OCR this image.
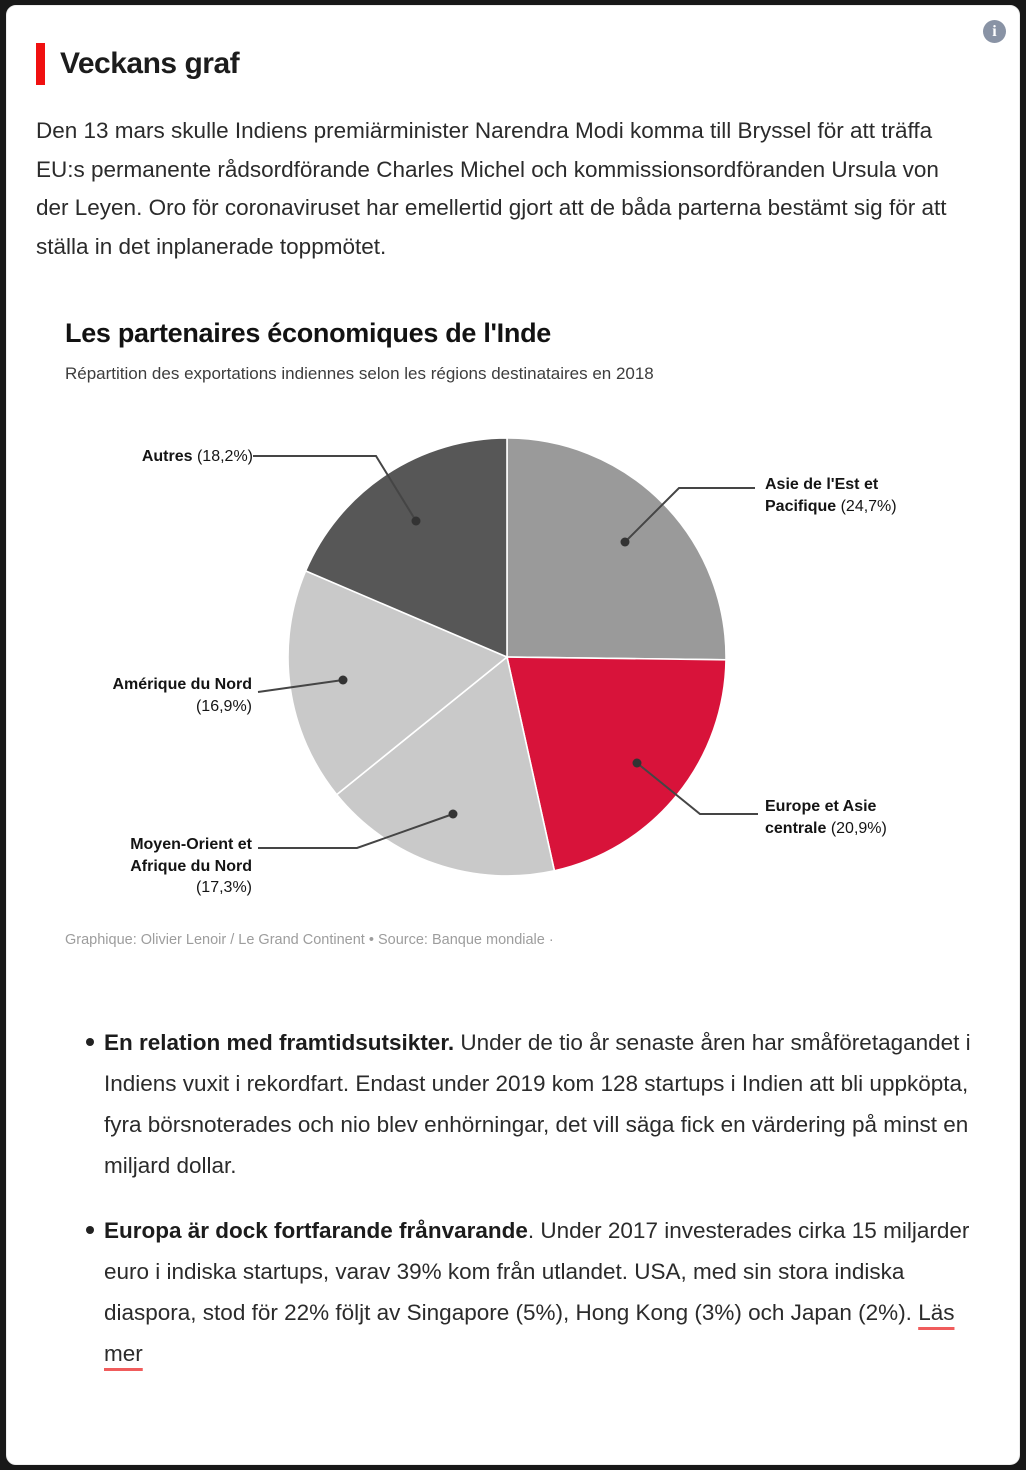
i
Veckans graf

Den 13 mars skulle Indiens premiärminister Narendra Modi komma till Bryssel för att träffa EU:s permanente rådsordförande Charles Michel och kommissionsordföranden Ursula von der Leyen. Oro för coronaviruset har emellertid gjort att de båda parterna bestämt sig för att ställa in det inplanerade toppmötet.

Les partenaires économiques de l'Inde
Répartition des exportations indiennes selon les régions destinataires en 2018
Asie de l'Est et
Pacifique (24,7%)
Europe et Asie
centrale (20,9%)
Moyen-Orient et
Afrique du Nord
(17,3%)
Amérique du Nord
(16,9%)
Autres (18,2%)
Graphique: Olivier Lenoir / Le Grand Continent • Source: Banque mondiale ·

En relation med framtidsutsikter. Under de tio år senaste åren har småföretagandet i Indiens vuxit i rekordfart. Endast under 2019 kom 128 startups i Indien att bli uppköpta, fyra börsnoterades och nio blev enhörningar, det vill säga fick en värdering på minst en miljard dollar.

Europa är dock fortfarande frånvarande. Under 2017 investerades cirka 15 miljarder euro i indiska startups, varav 39% kom från utlandet. USA, med sin stora indiska diaspora, stod för 22% följt av Singapore (5%), Hong Kong (3%) och Japan (2%). Läs mer
